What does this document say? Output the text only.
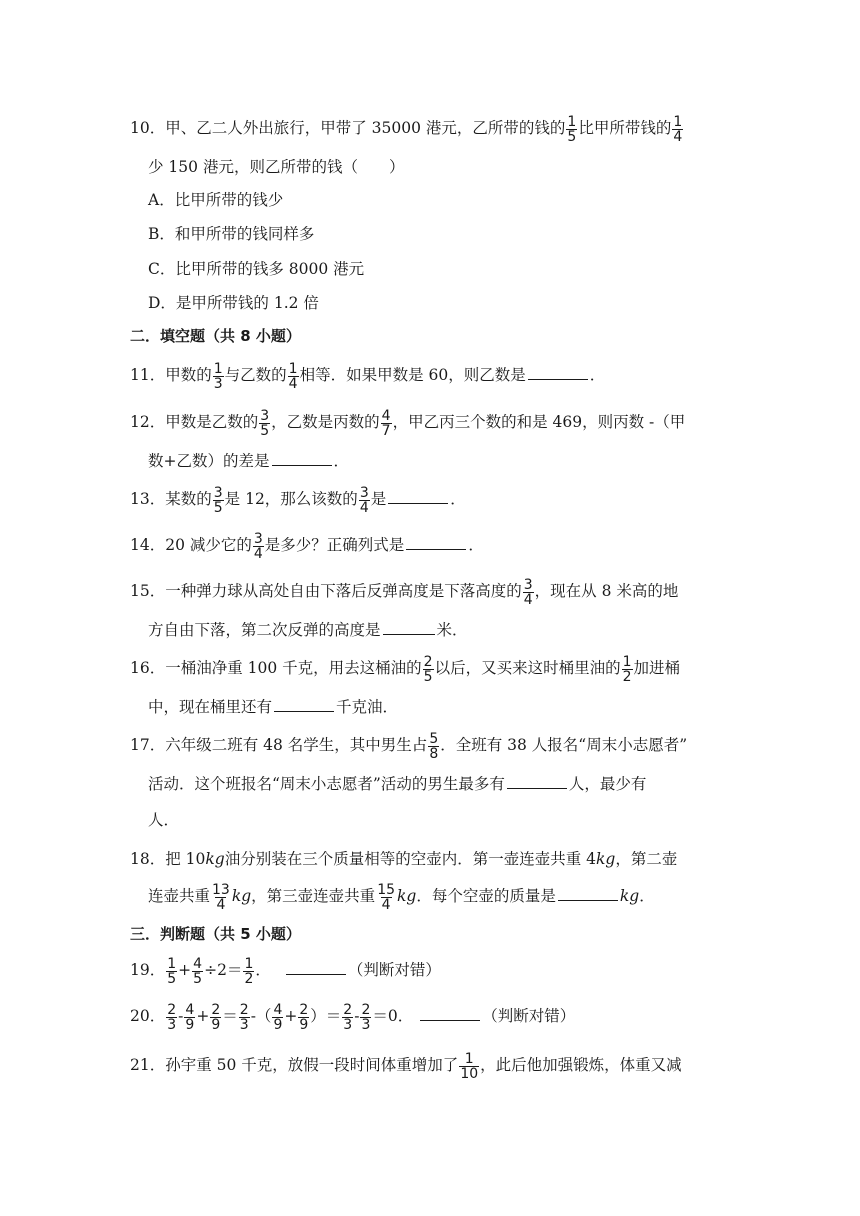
10．甲、乙二人外出旅行，甲带了 35000 港元，乙所带的钱的 $\frac{1}{5}$ 比甲所带钱的 $\frac{1}{4}$
少 150 港元，则乙所带的钱（　　）
A．比甲所带的钱少
B．和甲所带的钱同样多
C．比甲所带的钱多 8000 港元
D．是甲所带钱的 1.2 倍
二．填空题（共 8 小题）
11．甲数的 $\frac{1}{3}$ 与乙数的 $\frac{1}{4}$ 相等．如果甲数是 60，则乙数是	．
12．甲数是乙数的 $\frac{3}{5}$ ，乙数是丙数的 $\frac{4}{7}$ ，甲乙丙三个数的和是 469，则丙数 -（甲
数+乙数）的差是	．
13．某数的 $\frac{3}{5}$ 是 12，那么该数的 $\frac{3}{4}$ 是	．
14．20 减少它的 $\frac{3}{4}$ 是多少？正确列式是	．
15．一种弹力球从高处自由下落后反弹高度是下落高度的 $\frac{3}{4}$ ，现在从 8 米高的地
方自由下落，第二次反弹的高度是	米．
16．一桶油净重 100 千克，用去这桶油的 $\frac{2}{5}$ 以后，又买来这时桶里油的 $\frac{1}{2}$ 加进桶
中，现在桶里还有	千克油．
17．六年级二班有 48 名学生，其中男生占 $\frac{5}{8}$ ．全班有 38 人报名“周末小志愿者”
活动．这个班报名“周末小志愿者”活动的男生最多有	人，最少有
人．
18．把 10kg油分别装在三个质量相等的空壶内．第一壶连壶共重 4kg，第二壶
连壶共重 $\frac{13}{4}$ kg，第三壶连壶共重 $\frac{15}{4}$ kg．每个空壶的质量是	kg．
三．判断题（共 5 小题）
19． $\frac{1}{5} + \frac{4}{5} \div 2= \frac{1}{2}$ ．	（判断对错）
20． $\frac{2}{3} - \frac{4}{9} + \frac{2}{9} = \frac{2}{3}$ -（ $\frac{4}{9} + \frac{2}{9}$ ）＝ $\frac{2}{3} - \frac{2}{3} =0$．	（判断对错）
21．孙宇重 50 千克，放假一段时间体重增加了 $\frac{1}{10}$ ，此后他加强锻炼，体重又减
